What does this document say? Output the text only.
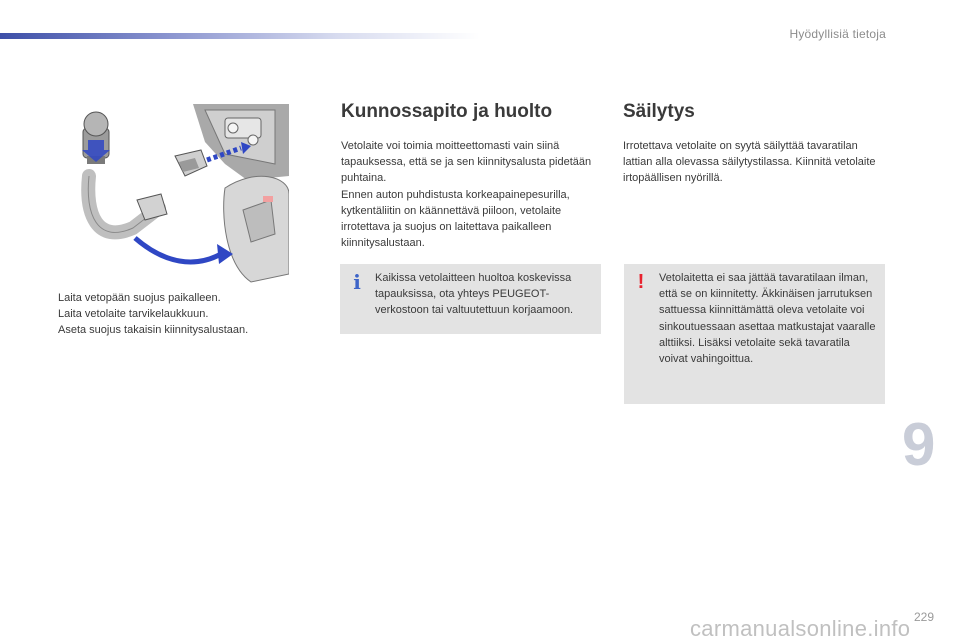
Hyödyllisiä tietoja
Laita vetopään suojus paikalleen.
Laita vetolaite tarvikelaukkuun.
Aseta suojus takaisin kiinnitysalustaan.
Kunnossapito ja huolto

Vetolaite voi toimia moitteettomasti vain siinä tapauksessa, että se ja sen kiinnitysalusta pidetään puhtaina.

Ennen auton puhdistusta korkeapainepesurilla, kytkentäliitin on käännettävä piiloon, vetolaite irrotettava ja suojus on laitettava paikalleen kiinnitysalustaan.

i Kaikissa vetolaitteen huoltoa koskevissa tapauksissa, ota yhteys PEUGEOT-verkostoon tai valtuutettuun korjaamoon.
Säilytys

Irrotettava vetolaite on syytä säilyttää tavaratilan lattian alla olevassa säilytystilassa. Kiinnitä vetolaite irtopäällisen nyörillä.

!	Vetolaitetta ei saa jättää tavaratilaan ilman, että se on kiinnitetty. Äkkinäisen jarrutuksen sattuessa kiinnittämättä oleva vetolaite voi sinkoutuessaan asettaa matkustajat vaaralle alttiiksi. Lisäksi vetolaite sekä tavaratila voivat vahingoittua.
9
229
carmanualsonline.info
